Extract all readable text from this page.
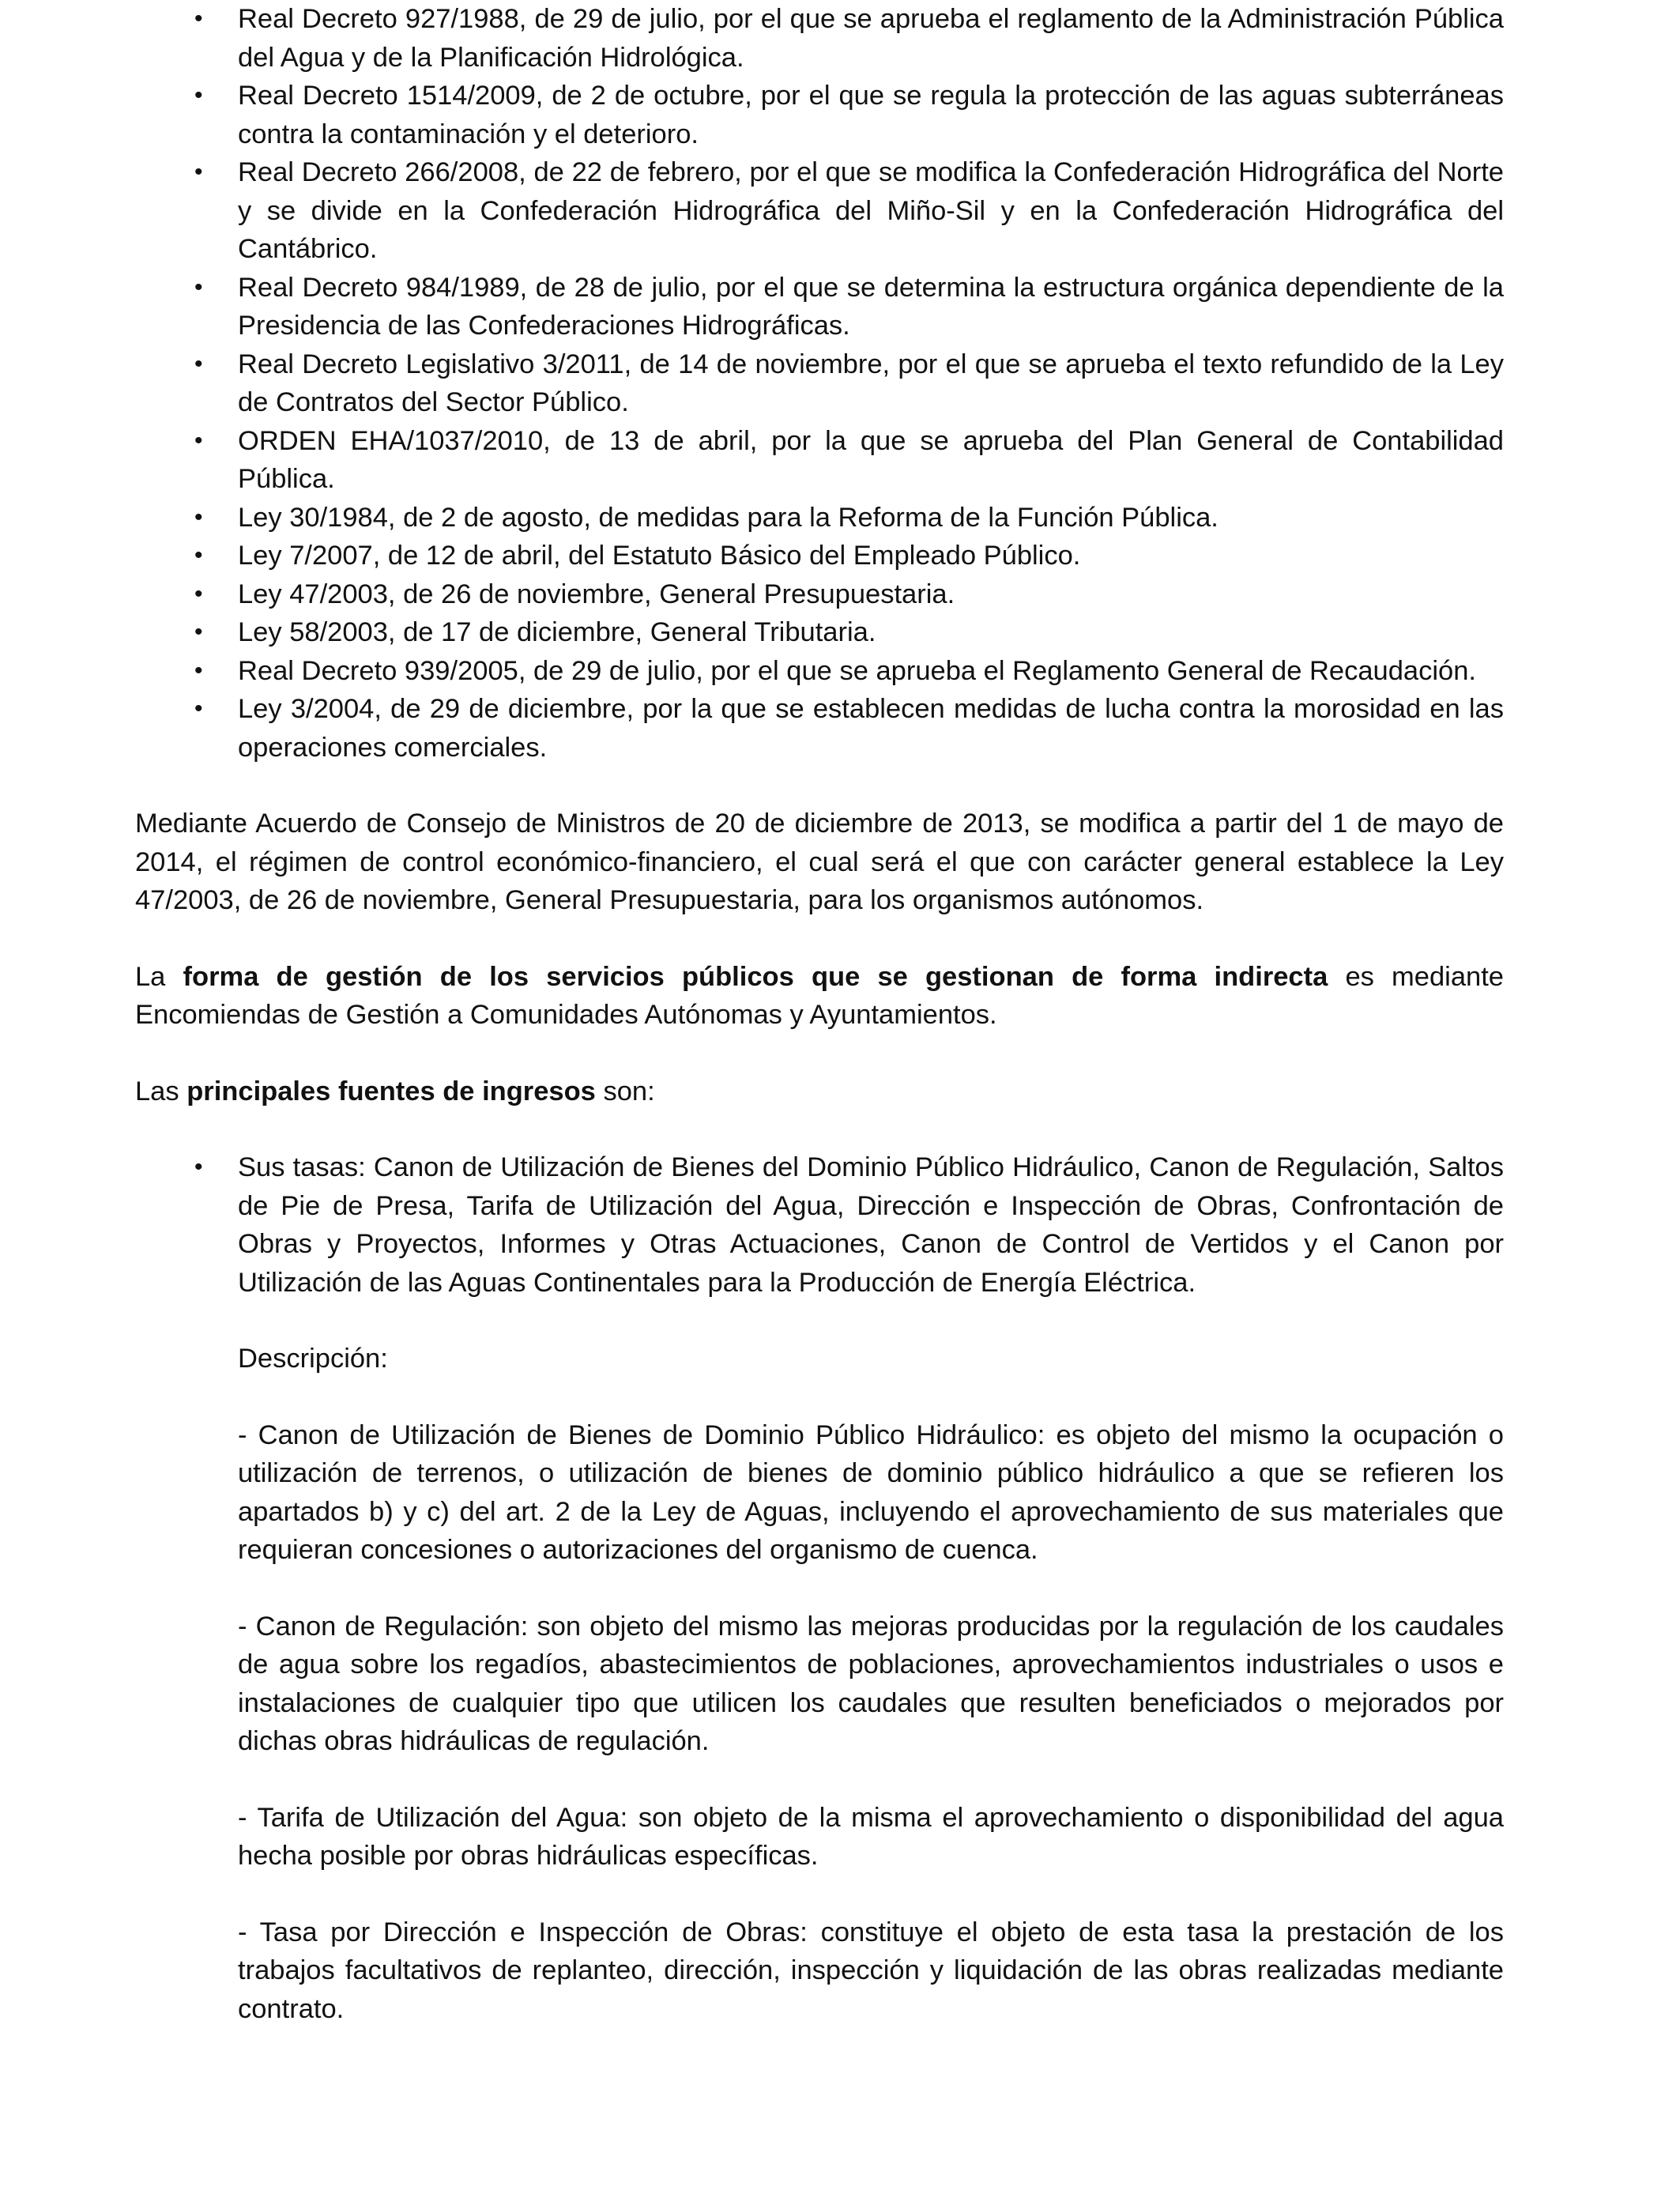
• Real Decreto 927/1988, de 29 de julio, por el que se aprueba el reglamento de la Administración Pública del Agua y de la Planificación Hidrológica.
• Real Decreto 1514/2009, de 2 de octubre, por el que se regula la protección de las aguas subterráneas contra la contaminación y el deterioro.
• Real Decreto 266/2008, de 22 de febrero, por el que se modifica la Confederación Hidrográfica del Norte y se divide en la Confederación Hidrográfica del Miño-Sil y en la Confederación Hidrográfica del Cantábrico.
• Real Decreto 984/1989, de 28 de julio, por el que se determina la estructura orgánica dependiente de la Presidencia de las Confederaciones Hidrográficas.
• Real Decreto Legislativo 3/2011, de 14 de noviembre, por el que se aprueba el texto refundido de la Ley de Contratos del Sector Público.
• ORDEN EHA/1037/2010, de 13 de abril, por la que se aprueba del Plan General de Contabilidad Pública.
• Ley 30/1984, de 2 de agosto, de medidas para la Reforma de la Función Pública.
• Ley 7/2007, de 12 de abril, del Estatuto Básico del Empleado Público.
• Ley 47/2003, de 26 de noviembre, General Presupuestaria.
• Ley 58/2003, de 17 de diciembre, General Tributaria.
• Real Decreto 939/2005, de 29 de julio, por el que se aprueba el Reglamento General de Recaudación.
• Ley 3/2004, de 29 de diciembre, por la que se establecen medidas de lucha contra la morosidad en las operaciones comerciales.

Mediante Acuerdo de Consejo de Ministros de 20 de diciembre de 2013, se modifica a partir del 1 de mayo de 2014, el régimen de control económico-financiero, el cual será el que con carácter general establece la Ley 47/2003, de 26 de noviembre, General Presupuestaria, para los organismos autónomos.

La forma de gestión de los servicios públicos que se gestionan de forma indirecta es mediante Encomiendas de Gestión a Comunidades Autónomas y Ayuntamientos.

Las principales fuentes de ingresos son:

• Sus tasas: Canon de Utilización de Bienes del Dominio Público Hidráulico, Canon de Regulación, Saltos de Pie de Presa, Tarifa de Utilización del Agua, Dirección e Inspección de Obras, Confrontación de Obras y Proyectos, Informes y Otras Actuaciones, Canon de Control de Vertidos y el Canon por Utilización de las Aguas Continentales para la Producción de Energía Eléctrica.

Descripción:

- Canon de Utilización de Bienes de Dominio Público Hidráulico: es objeto del mismo la ocupación o utilización de terrenos, o utilización de bienes de dominio público hidráulico a que se refieren los apartados b) y c) del art. 2 de la Ley de Aguas, incluyendo el aprovechamiento de sus materiales que requieran concesiones o autorizaciones del organismo de cuenca.

- Canon de Regulación: son objeto del mismo las mejoras producidas por la regulación de los caudales de agua sobre los regadíos, abastecimientos de poblaciones, aprovechamientos industriales o usos e instalaciones de cualquier tipo que utilicen los caudales que resulten beneficiados o mejorados por dichas obras hidráulicas de regulación.

- Tarifa de Utilización del Agua: son objeto de la misma el aprovechamiento o disponibilidad del agua hecha posible por obras hidráulicas específicas.

- Tasa por Dirección e Inspección de Obras: constituye el objeto de esta tasa la prestación de los trabajos facultativos de replanteo, dirección, inspección y liquidación de las obras realizadas mediante contrato.
